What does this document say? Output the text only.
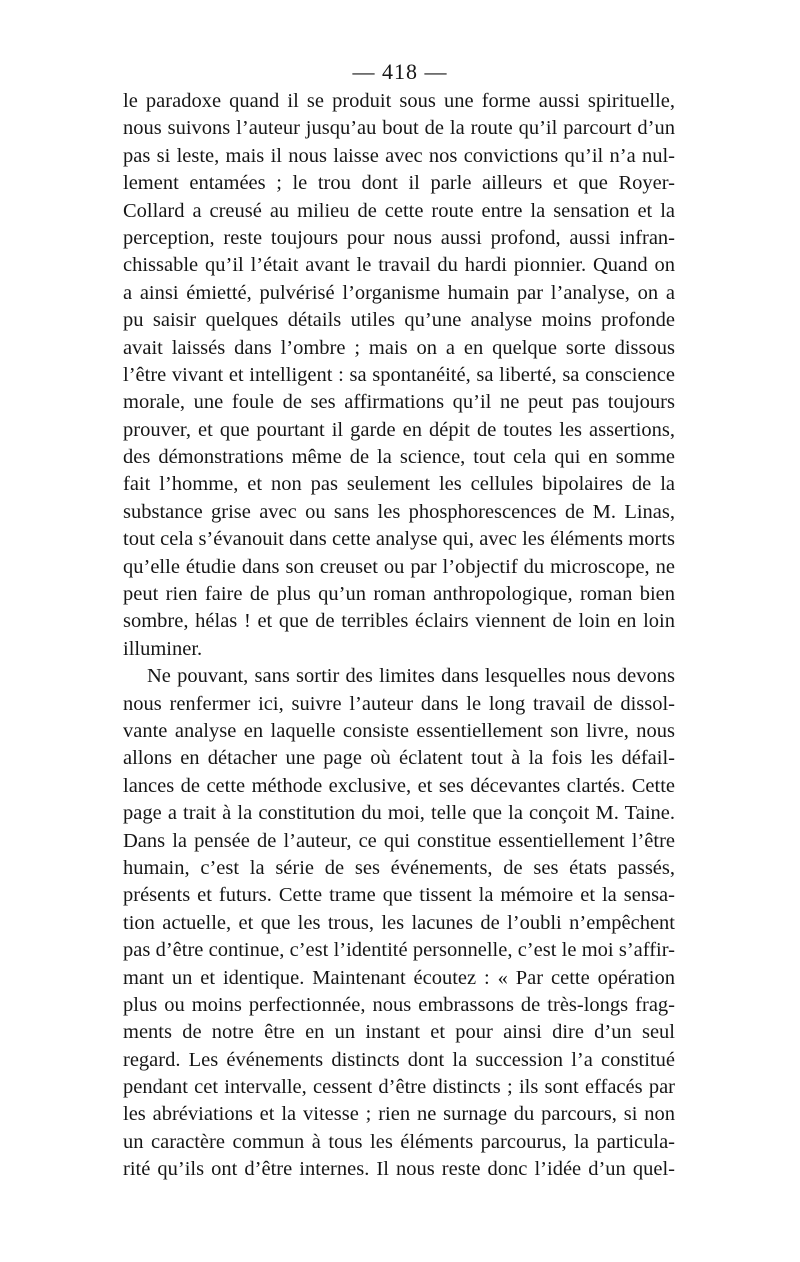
— 418 —
le paradoxe quand il se produit sous une forme aussi spirituelle,
nous suivons l’auteur jusqu’au bout de la route qu’il parcourt d’un
pas si leste, mais il nous laisse avec nos convictions qu’il n’a nul-
lement entamées ; le trou dont il parle ailleurs et que Royer-
Collard a creusé au milieu de cette route entre la sensation et la
perception, reste toujours pour nous aussi profond, aussi infran-
chissable qu’il l’était avant le travail du hardi pionnier. Quand on
a ainsi émietté, pulvérisé l’organisme humain par l’analyse, on a
pu saisir quelques détails utiles qu’une analyse moins profonde
avait laissés dans l’ombre ; mais on a en quelque sorte dissous
l’être vivant et intelligent : sa spontanéité, sa liberté, sa conscience
morale, une foule de ses affirmations qu’il ne peut pas toujours
prouver, et que pourtant il garde en dépit de toutes les assertions,
des démonstrations même de la science, tout cela qui en somme
fait l’homme, et non pas seulement les cellules bipolaires de la
substance grise avec ou sans les phosphorescences de M. Linas,
tout cela s’évanouit dans cette analyse qui, avec les éléments morts
qu’elle étudie dans son creuset ou par l’objectif du microscope, ne
peut rien faire de plus qu’un roman anthropologique, roman bien
sombre, hélas ! et que de terribles éclairs viennent de loin en loin
illuminer.
Ne pouvant, sans sortir des limites dans lesquelles nous devons
nous renfermer ici, suivre l’auteur dans le long travail de dissol-
vante analyse en laquelle consiste essentiellement son livre, nous
allons en détacher une page où éclatent tout à la fois les défail-
lances de cette méthode exclusive, et ses décevantes clartés. Cette
page a trait à la constitution du moi, telle que la conçoit M. Taine.
Dans la pensée de l’auteur, ce qui constitue essentiellement l’être
humain, c’est la série de ses événements, de ses états passés,
présents et futurs. Cette trame que tissent la mémoire et la sensa-
tion actuelle, et que les trous, les lacunes de l’oubli n’empêchent
pas d’être continue, c’est l’identité personnelle, c’est le moi s’affir-
mant un et identique. Maintenant écoutez : « Par cette opération
plus ou moins perfectionnée, nous embrassons de très-longs frag-
ments de notre être en un instant et pour ainsi dire d’un seul
regard. Les événements distincts dont la succession l’a constitué
pendant cet intervalle, cessent d’être distincts ; ils sont effacés par
les abréviations et la vitesse ; rien ne surnage du parcours, si non
un caractère commun à tous les éléments parcourus, la particula-
rité qu’ils ont d’être internes. Il nous reste donc l’idée d’un quel-
